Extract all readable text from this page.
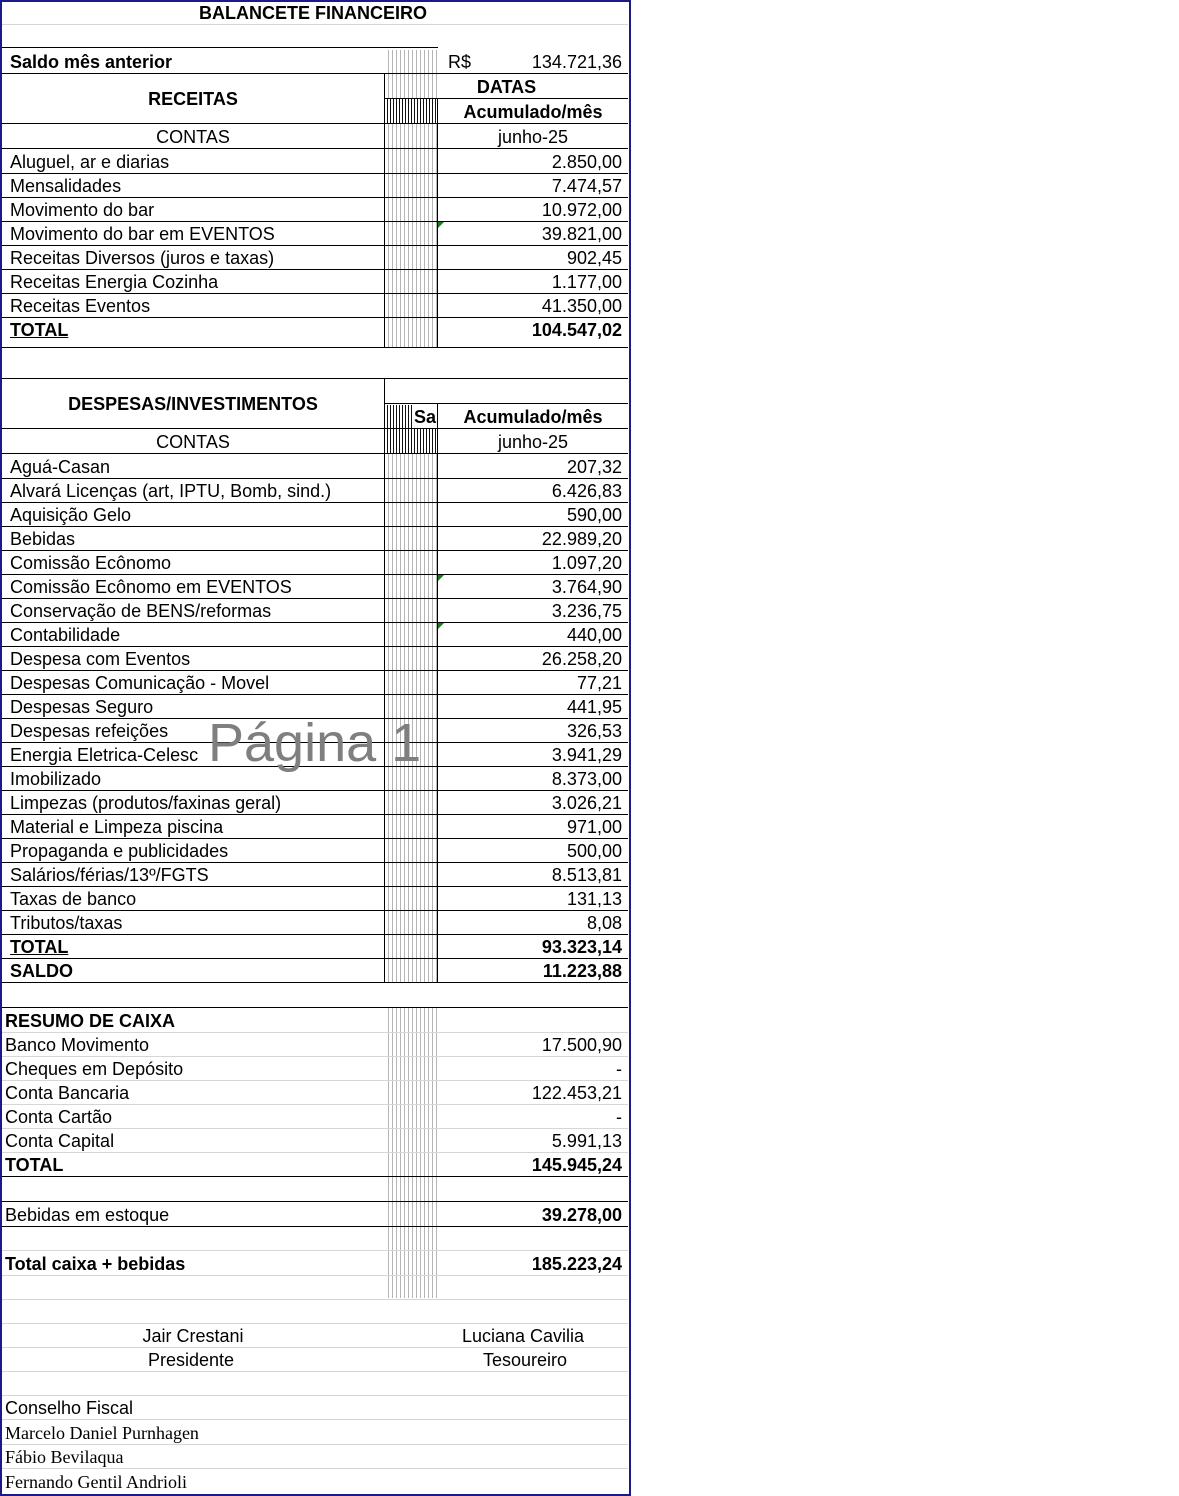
BALANCETE FINANCEIRO
Saldo mês anterior	R$	134.721,36
RECEITAS
DATAS
Acumulado/mês
CONTAS	junho-25
Aluguel, ar e diarias	2.850,00
Mensalidades	7.474,57
Movimento do bar	10.972,00
Movimento do bar em EVENTOS	39.821,00
Receitas Diversos (juros e taxas)	902,45
Receitas Energia Cozinha	1.177,00
Receitas Eventos	41.350,00
TOTAL	104.547,02
DESPESAS/INVESTIMENTOS
Sa	Acumulado/mês
CONTAS	junho-25
Aguá-Casan	207,32
Alvará Licenças (art, IPTU, Bomb, sind.)	6.426,83
Aquisição Gelo	590,00
Bebidas	22.989,20
Comissão Ecônomo	1.097,20
Comissão Ecônomo em EVENTOS	3.764,90
Conservação de BENS/reformas	3.236,75
Contabilidade	440,00
Despesa com Eventos	26.258,20
Despesas Comunicação - Movel	77,21
Despesas Seguro	441,95
Despesas refeições	326,53
Energia Eletrica-Celesc	3.941,29
Imobilizado	8.373,00
Limpezas (produtos/faxinas geral)	3.026,21
Material e Limpeza piscina	971,00
Propaganda e publicidades	500,00
Salários/férias/13º/FGTS	8.513,81
Taxas de banco	131,13
Tributos/taxas	8,08
TOTAL	93.323,14
SALDO	11.223,88
RESUMO DE CAIXA
Banco Movimento	17.500,90
Cheques em Depósito	-
Conta Bancaria	122.453,21
Conta Cartão	-
Conta Capital	5.991,13
TOTAL	145.945,24
Bebidas em estoque	39.278,00
Total caixa + bebidas	185.223,24
Jair Crestani	Luciana Cavilia
Presidente	Tesoureiro
Conselho Fiscal
Marcelo Daniel Purnhagen
Fábio Bevilaqua
Fernando Gentil Andrioli
Página 1
